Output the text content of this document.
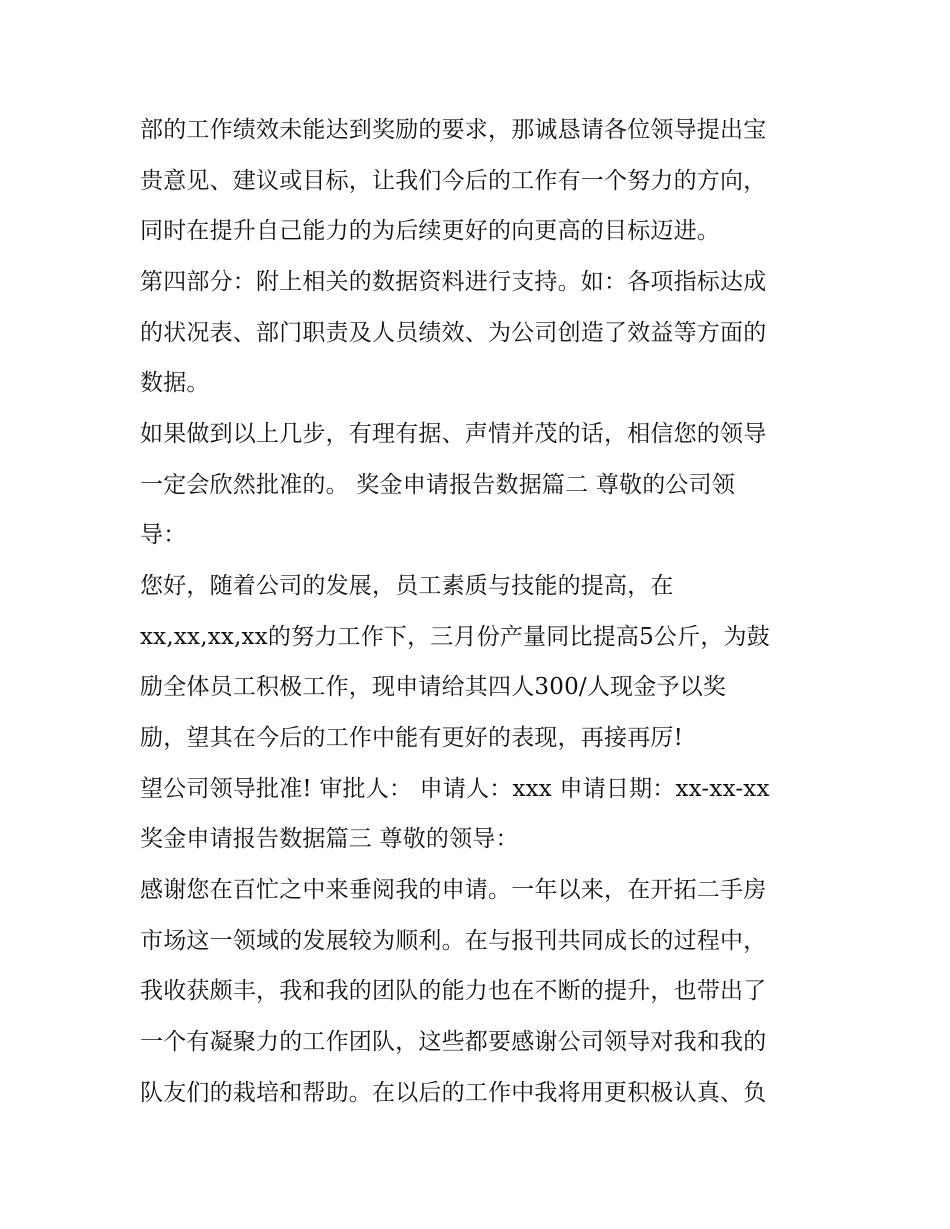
部的工作绩效未能达到奖励的要求，那诚恳请各位领导提出宝
贵意见、建议或目标，让我们今后的工作有一个努力的方向，
同时在提升自己能力的为后续更好的向更高的目标迈进。
第四部分：附上相关的数据资料进行支持。如：各项指标达成
的状况表、部门职责及人员绩效、为公司创造了效益等方面的
数据。
如果做到以上几步，有理有据、声情并茂的话，相信您的领导
一定会欣然批准的。 奖金申请报告数据篇二 尊敬的公司领
导：
您好，随着公司的发展，员工素质与技能的提高，在
xx,xx,xx,xx的努力工作下，三月份产量同比提高5公斤，为鼓
励全体员工积极工作，现申请给其四人300/人现金予以奖
励，望其在今后的工作中能有更好的表现，再接再厉!
望公司领导批准! 审批人： 申请人：xxx 申请日期：xx-xx-xx
奖金申请报告数据篇三 尊敬的领导：
感谢您在百忙之中来垂阅我的申请。一年以来，在开拓二手房
市场这一领域的发展较为顺利。在与报刊共同成长的过程中，
我收获颇丰，我和我的团队的能力也在不断的提升，也带出了
一个有凝聚力的工作团队，这些都要感谢公司领导对我和我的
队友们的栽培和帮助。在以后的工作中我将用更积极认真、负
